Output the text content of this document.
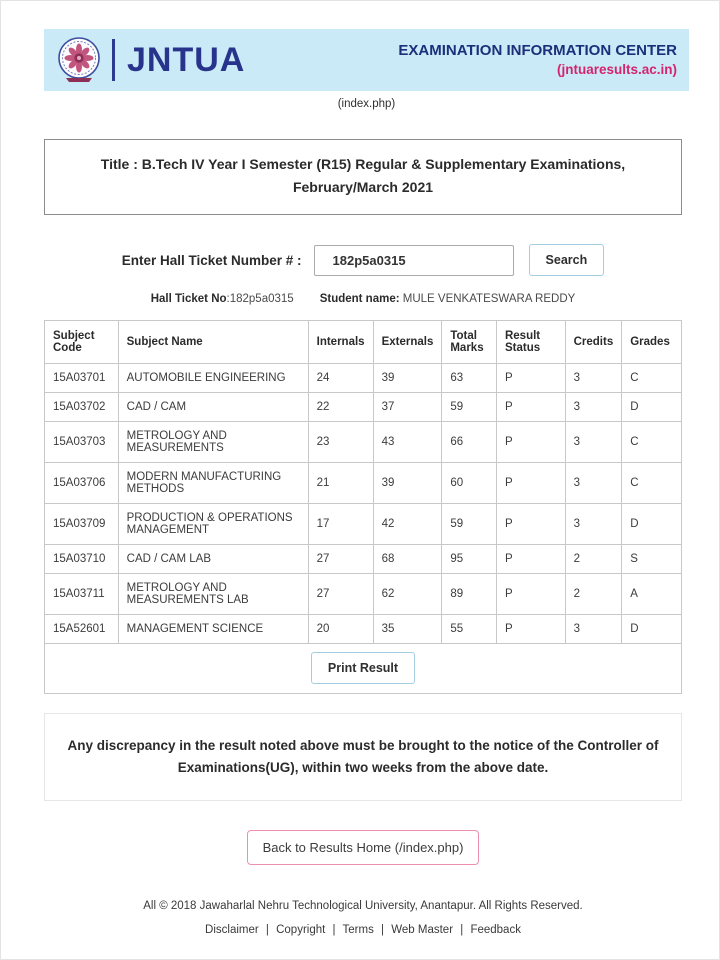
JNTUA	EXAMINATION INFORMATION CENTER
(jntuaresults.ac.in)
(index.php)
Title : B.Tech IV Year I Semester (R15) Regular & Supplementary Examinations, February/March 2021
Enter Hall Ticket Number # :
182p5a0315	Search
Hall Ticket No :182p5a0315 Student name:
MULE VENKATESWARA REDDY
Subject Code	Subject Name	Internals	Externals	Total Marks	Result Status	Credits	Grades
15A03701	AUTOMOBILE ENGINEERING	24	39	63	P	3	C
15A03702	CAD / CAM	22	37	59	P	3	D
15A03703	METROLOGY AND MEASUREMENTS	23	43	66	P	3	C
15A03706	MODERN MANUFACTURING METHODS	21	39	60	P	3	C
15A03709	PRODUCTION & OPERATIONS MANAGEMENT	17	42	59	P	3	D
15A03710	CAD / CAM LAB	27	68	95	P	2	S
15A03711	METROLOGY AND MEASUREMENTS LAB	27	62	89	P	2	A
15A52601	MANAGEMENT SCIENCE	20	35	55	P	3	D
Print Result							
Any discrepancy in the result noted above must be brought to the notice of the Controller of Examinations(UG), within two weeks from the above date.
Back to Results Home (/index.php)
All © 2018 Jawaharlal Nehru Technological University, Anantapur. All Rights Reserved.
Disclaimer | Copyright | Terms | Web Master | Feedback
